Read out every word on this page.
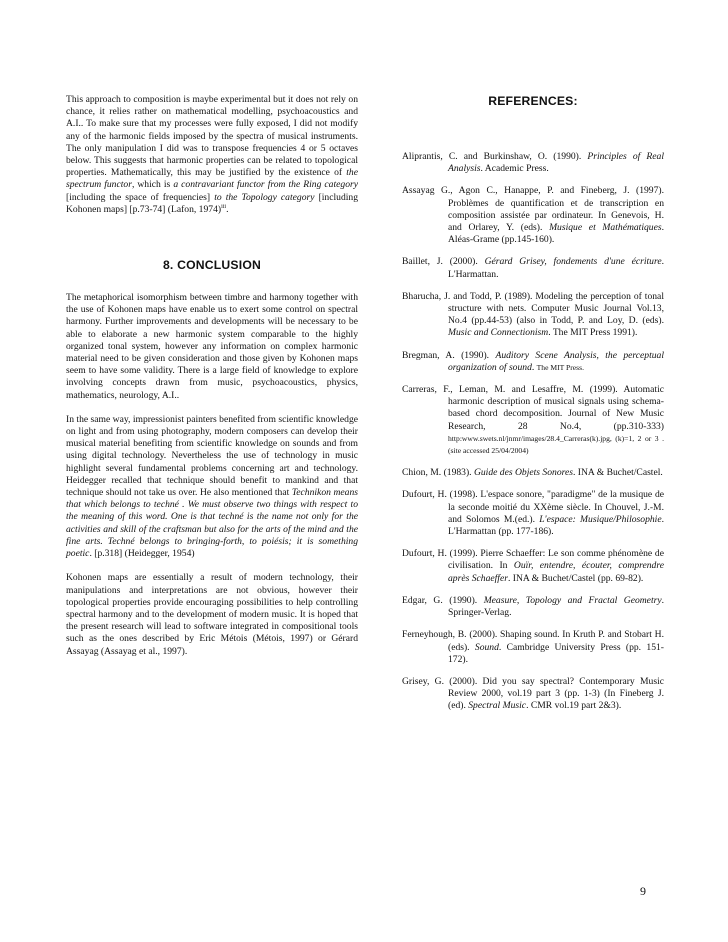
This approach to composition is maybe experimental but it does not rely on chance, it relies rather on mathematical modelling, psychoacoustics and A.I.. To make sure that my processes were fully exposed, I did not modify any of the harmonic fields imposed by the spectra of musical instruments. The only manipulation I did was to transpose frequencies 4 or 5 octaves below. This suggests that harmonic properties can be related to topological properties. Mathematically, this may be justified by the existence of the spectrum functor, which is a contravariant functor from the Ring category [including the space of frequencies] to the Topology category [including Kohonen maps] [p.73-74] (Lafon, 1974)$^{iii}$.

8. CONCLUSION

The metaphorical isomorphism between timbre and harmony together with the use of Kohonen maps have enable us to exert some control on spectral harmony. Further improvements and developments will be necessary to be able to elaborate a new harmonic system comparable to the highly organized tonal system, however any information on complex harmonic material need to be given consideration and those given by Kohonen maps seem to have some validity. There is a large field of knowledge to explore involving concepts drawn from music, psychoacoustics, physics, mathematics, neurology, A.I..

In the same way, impressionist painters benefited from scientific knowledge on light and from using photography, modern composers can develop their musical material benefiting from scientific knowledge on sounds and from using digital technology. Nevertheless the use of technology in music highlight several fundamental problems concerning art and technology. Heidegger recalled that technique should benefit to mankind and that technique should not take us over. He also mentioned that Technikon means that which belongs to techné . We must observe two things with respect to the meaning of this word. One is that techné is the name not only for the activities and skill of the craftsman but also for the arts of the mind and the fine arts. Techné belongs to bringing-forth, to poiésis; it is something poetic. [p.318] (Heidegger, 1954)

Kohonen maps are essentially a result of modern technology, their manipulations and interpretations are not obvious, however their topological properties provide encouraging possibilities to help controlling spectral harmony and to the development of modern music. It is hoped that the present research will lead to software integrated in compositional tools such as the ones described by Eric Métois (Métois, 1997) or Gérard Assayag (Assayag et al., 1997).

REFERENCES:

Aliprantis, C. and Burkinshaw, O. (1990). Principles of Real Analysis. Academic Press.

Assayag G., Agon C., Hanappe, P. and Fineberg, J. (1997). Problèmes de quantification et de transcription en composition assistée par ordinateur. In Genevois, H. and Orlarey, Y. (eds). Musique et Mathématiques. Aléas-Grame (pp.145-160).

Baillet, J. (2000). Gérard Grisey, fondements d'une écriture. L'Harmattan.

Bharucha, J. and Todd, P. (1989). Modeling the perception of tonal structure with nets. Computer Music Journal Vol.13, No.4 (pp.44-53) (also in Todd, P. and Loy, D. (eds). Music and Connectionism. The MIT Press 1991).

Bregman, A. (1990). Auditory Scene Analysis, the perceptual organization of sound. The MIT Press.

Carreras, F., Leman, M. and Lesaffre, M. (1999). Automatic harmonic description of musical signals using schema-based chord decomposition. Journal of New Music Research, 28 No.4, (pp.310-333) http:www.swets.nl/jnmr/images/28.4_Carreras(k).jpg, (k)=1, 2 or 3 . (site accessed 25/04/2004)

Chion, M. (1983). Guide des Objets Sonores. INA & Buchet/Castel.

Dufourt, H. (1998). L'espace sonore, "paradigme" de la musique de la seconde moitié du XXème siècle. In Chouvel, J.-M. and Solomos M.(ed.). L'espace: Musique/Philosophie. L'Harmattan (pp. 177-186).

Dufourt, H. (1999). Pierre Schaeffer: Le son comme phénomène de civilisation. In Ouïr, entendre, écouter, comprendre après Schaeffer. INA & Buchet/Castel (pp. 69-82).

Edgar, G. (1990). Measure, Topology and Fractal Geometry. Springer-Verlag.

Ferneyhough, B. (2000). Shaping sound. In Kruth P. and Stobart H. (eds). Sound. Cambridge University Press (pp. 151-172).

Grisey, G. (2000). Did you say spectral? Contemporary Music Review 2000, vol.19 part 3 (pp. 1-3) (In Fineberg J. (ed). Spectral Music. CMR vol.19 part 2&3).

9
